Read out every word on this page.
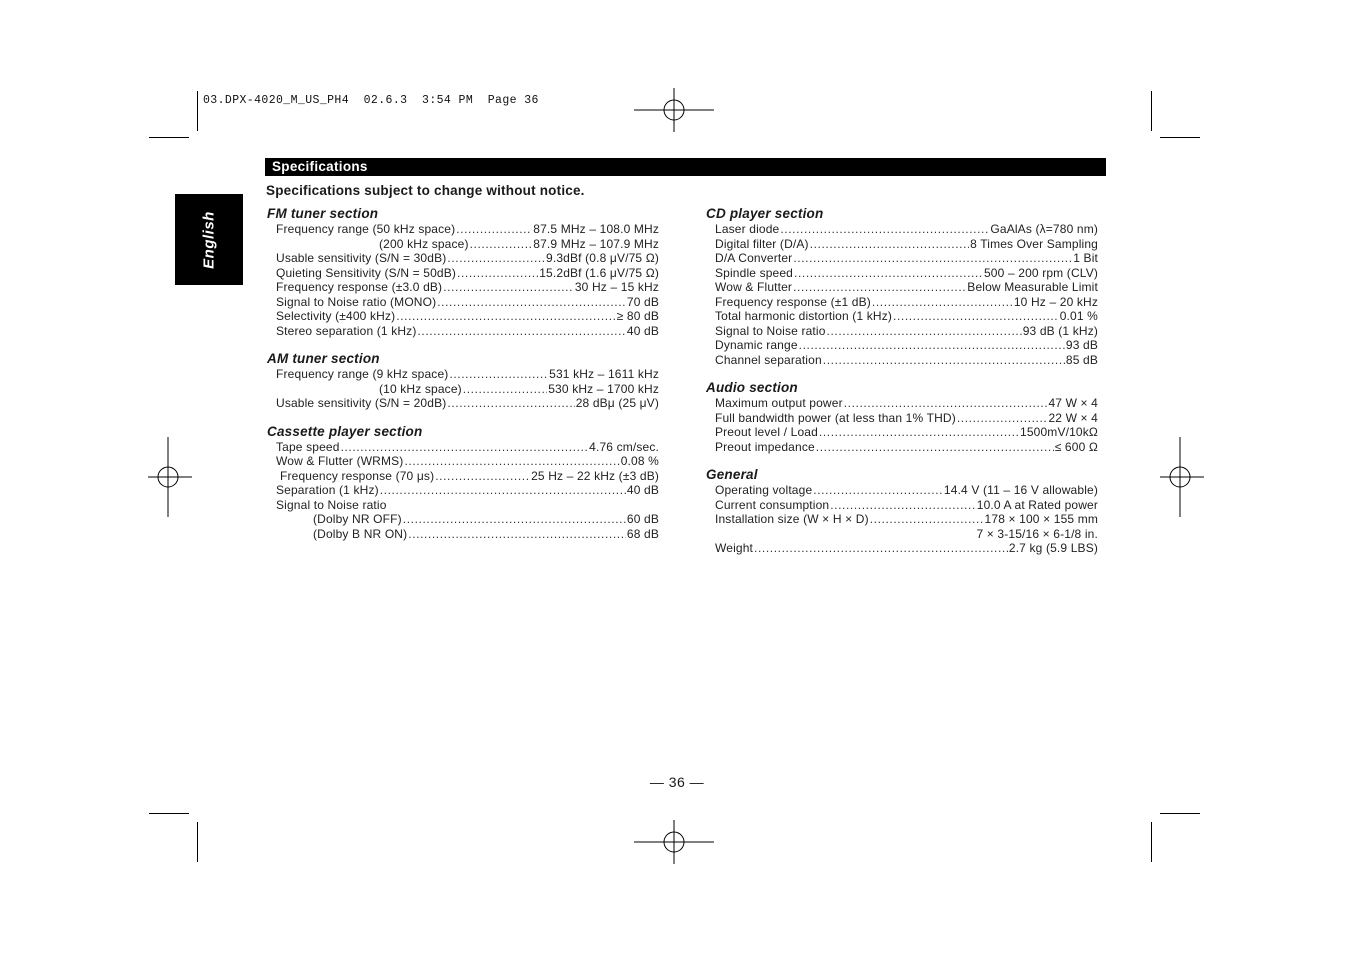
03.DPX-4020_M_US_PH4  02.6.3  3:54 PM  Page 36
Specifications
English
Specifications subject to change without notice.
FM tuner section
Frequency range (50 kHz space) .....	87.5 MHz – 108.0 MHz
(200 kHz space) .....	87.9 MHz – 107.9 MHz
Usable sensitivity (S/N = 30dB) .....	9.3dBf (0.8 μV/75 Ω)
Quieting Sensitivity (S/N = 50dB) .....	15.2dBf (1.6 μV/75 Ω)
Frequency response (±3.0 dB) .....	30 Hz – 15 kHz
Signal to Noise ratio (MONO) .....	70 dB
Selectivity (±400 kHz) .....	≥ 80 dB
Stereo separation (1 kHz) .....	40 dB
AM tuner section
Frequency range (9 kHz space) .....	531 kHz – 1611 kHz
(10 kHz space) .....	530 kHz – 1700 kHz
Usable sensitivity (S/N = 20dB) .....	28 dBμ (25 μV)
Cassette player section
Tape speed .....	4.76 cm/sec.
Wow & Flutter (WRMS) .....	0.08 %
Frequency response (70 μs) .....	25 Hz – 22 kHz (±3 dB)
Separation (1 kHz) .....	40 dB
Signal to Noise ratio
(Dolby NR OFF) .....	60 dB
(Dolby B NR ON) .....	68 dB
CD player section
Laser diode .....	GaAlAs (λ=780 nm)
Digital filter (D/A) .....	8 Times Over Sampling
D/A Converter .....	1 Bit
Spindle speed .....	500 – 200 rpm (CLV)
Wow & Flutter .....	Below Measurable Limit
Frequency response (±1 dB) .....	10 Hz – 20 kHz
Total harmonic distortion (1 kHz) .....	0.01 %
Signal to Noise ratio .....	93 dB (1 kHz)
Dynamic range .....	93 dB
Channel separation .....	85 dB
Audio section
Maximum output power .....	47 W × 4
Full bandwidth power (at less than 1% THD) .....	22 W × 4
Preout level / Load .....	1500mV/10kΩ
Preout impedance .....	≤ 600 Ω
General
Operating voltage .....	14.4 V (11 – 16 V allowable)
Current consumption .....	10.0 A at Rated power
Installation size (W × H × D) .....	178 × 100 × 155 mm
7 × 3-15/16 × 6-1/8 in.
Weight .....	2.7 kg (5.9 LBS)
— 36 —
